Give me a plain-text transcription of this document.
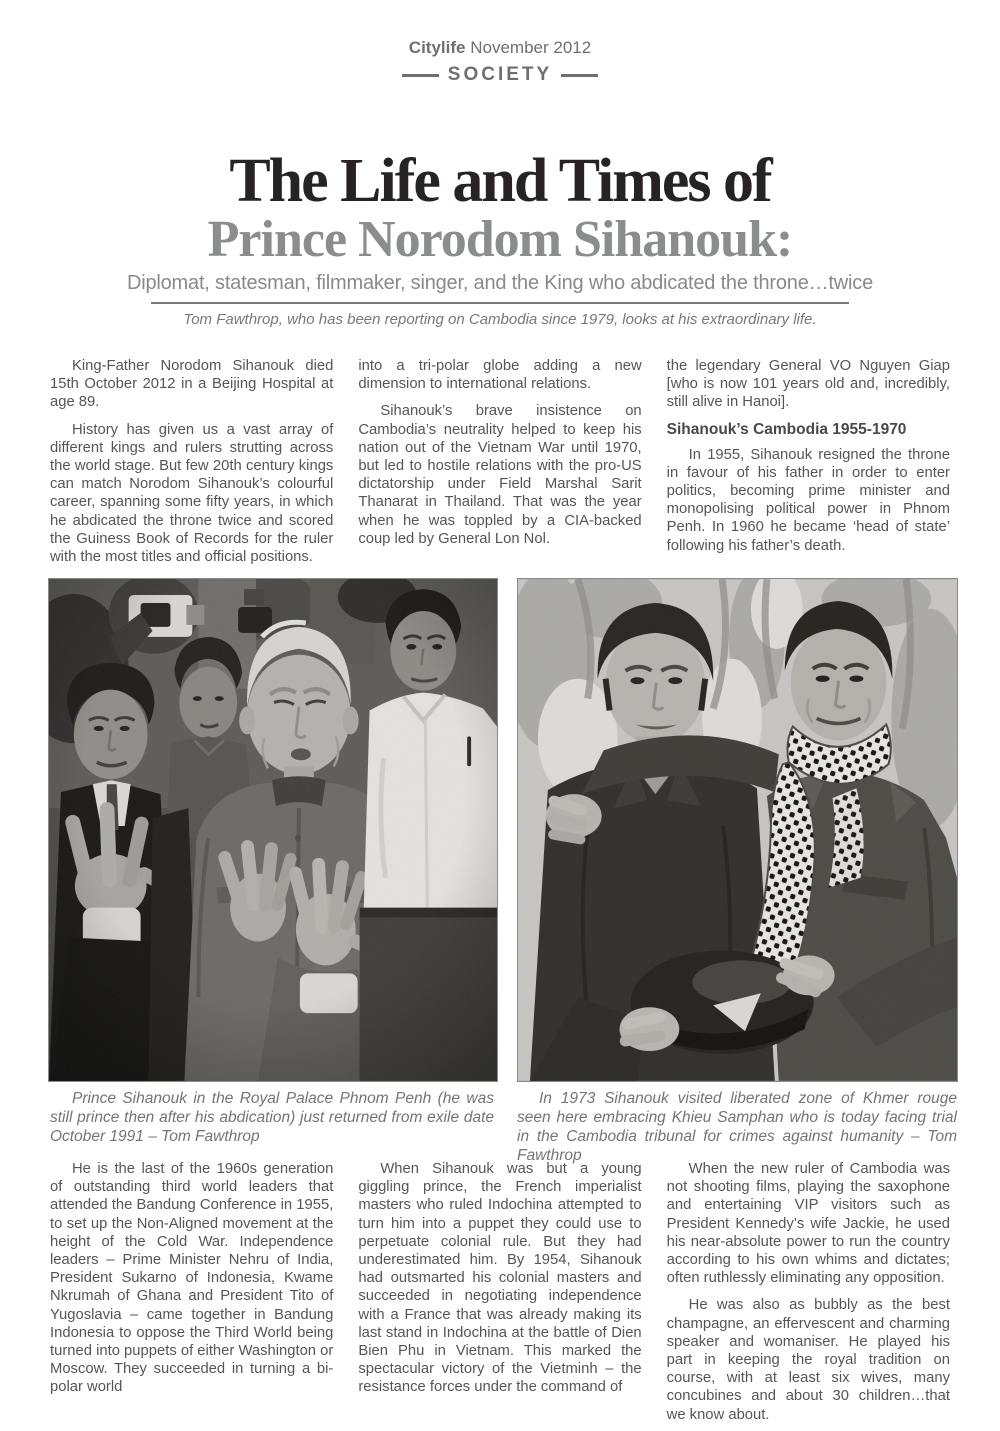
Citylife November 2012
SOCIETY
The Life and Times of
Prince Norodom Sihanouk:
Diplomat, statesman, filmmaker, singer, and the King who abdicated the throne…twice
Tom Fawthrop, who has been reporting on Cambodia since 1979, looks at his extraordinary life.

King-Father Norodom Sihanouk died 15th October 2012 in a Beijing Hospital at age 89.

History has given us a vast array of different kings and rulers strutting across the world stage. But few 20th century kings can match Norodom Sihanouk’s colourful career, spanning some fifty years, in which he abdicated the throne twice and scored the Guiness Book of Records for the ruler with the most titles and official positions.

into a tri-polar globe adding a new dimension to international relations.

Sihanouk’s brave insistence on Cambodia’s neutrality helped to keep his nation out of the Vietnam War until 1970, but led to hostile relations with the pro-US dictatorship under Field Marshal Sarit Thanarat in Thailand. That was the year when he was toppled by a CIA-backed coup led by General Lon Nol.

the legendary General VO Nguyen Giap [who is now 101 years old and, incredibly, still alive in Hanoi].

Sihanouk’s Cambodia 1955-1970

In 1955, Sihanouk resigned the throne in favour of his father in order to enter politics, becoming prime minister and monopolising political power in Phnom Penh. In 1960 he became ‘head of state’ following his father’s death.

Prince Sihanouk in the Royal Palace Phnom Penh (he was still prince then after his abdication) just returned from exile date October 1991 – Tom Fawthrop
In 1973 Sihanouk visited liberated zone of Khmer rouge seen here embracing Khieu Samphan who is today facing trial in the Cambodia tribunal for crimes against humanity – Tom Fawthrop

He is the last of the 1960s generation of outstanding third world leaders that attended the Bandung Conference in 1955, to set up the Non-Aligned movement at the height of the Cold War. Independence leaders – Prime Minister Nehru of India, President Sukarno of Indonesia, Kwame Nkrumah of Ghana and President Tito of Yugoslavia – came together in Bandung Indonesia to oppose the Third World being turned into puppets of either Washington or Moscow. They succeeded in turning a bi-polar world

When Sihanouk was but a young giggling prince, the French imperialist masters who ruled Indochina attempted to turn him into a puppet they could use to perpetuate colonial rule. But they had underestimated him. By 1954, Sihanouk had outsmarted his colonial masters and succeeded in negotiating independence with a France that was already making its last stand in Indochina at the battle of Dien Bien Phu in Vietnam. This marked the spectacular victory of the Vietminh – the resistance forces under the command of

When the new ruler of Cambodia was not shooting films, playing the saxophone and entertaining VIP visitors such as President Kennedy’s wife Jackie, he used his near-absolute power to run the country according to his own whims and dictates; often ruthlessly eliminating any opposition.

He was also as bubbly as the best champagne, an effervescent and charming speaker and womaniser. He played his part in keeping the royal tradition on course, with at least six wives, many concubines and about 30 children…that we know about.
